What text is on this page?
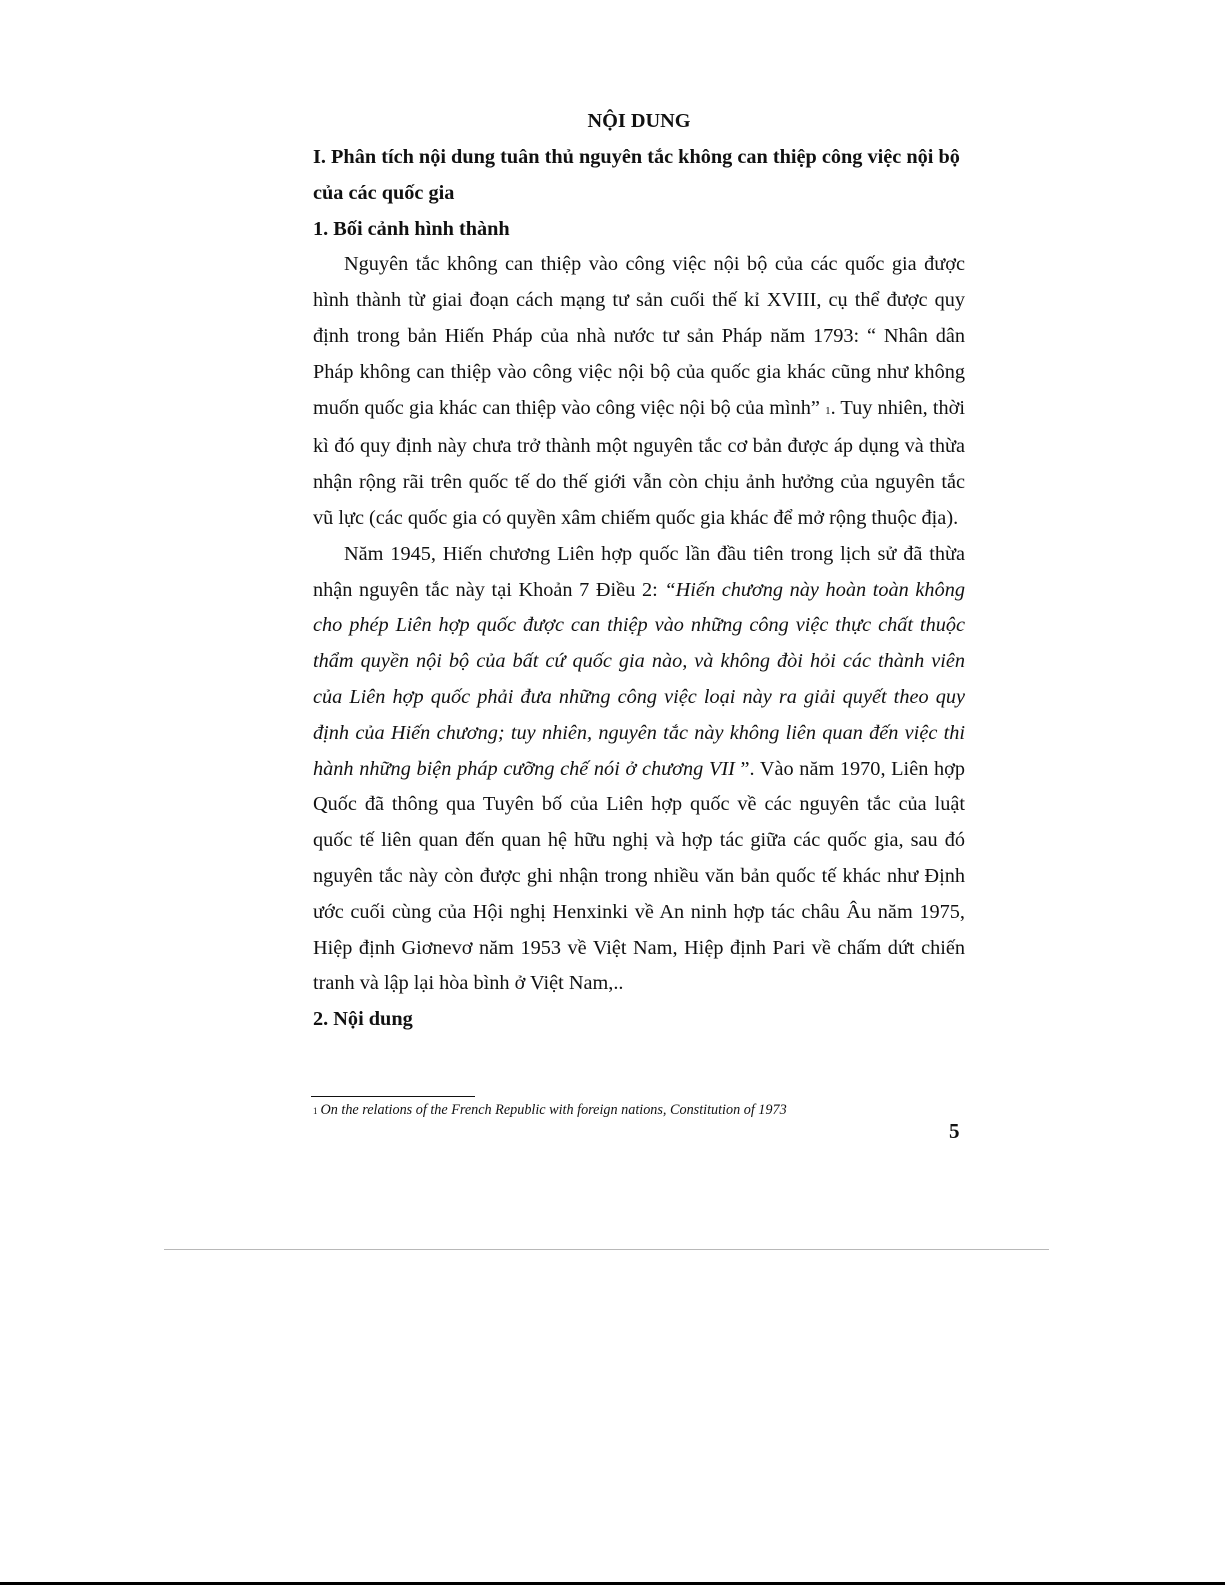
NỘI DUNG

I. Phân tích nội dung tuân thủ nguyên tắc không can thiệp công việc nội bộ của các quốc gia

1. Bối cảnh hình thành

Nguyên tắc không can thiệp vào công việc nội bộ của các quốc gia được hình thành từ giai đoạn cách mạng tư sản cuối thế kỉ XVIII, cụ thể được quy định trong bản Hiến Pháp của nhà nước tư sản Pháp năm 1793: “ Nhân dân Pháp không can thiệp vào công việc nội bộ của quốc gia khác cũng như không muốn quốc gia khác can thiệp vào công việc nội bộ của mình” 1. Tuy nhiên, thời kì đó quy định này chưa trở thành một nguyên tắc cơ bản được áp dụng và thừa nhận rộng rãi trên quốc tế do thế giới vẫn còn chịu ảnh hưởng của nguyên tắc vũ lực (các quốc gia có quyền xâm chiếm quốc gia khác để mở rộng thuộc địa).

Năm 1945, Hiến chương Liên hợp quốc lần đầu tiên trong lịch sử đã thừa nhận nguyên tắc này tại Khoản 7 Điều 2: “Hiến chương này hoàn toàn không cho phép Liên hợp quốc được can thiệp vào những công việc thực chất thuộc thẩm quyền nội bộ của bất cứ quốc gia nào, và không đòi hỏi các thành viên của Liên hợp quốc phải đưa những công việc loại này ra giải quyết theo quy định của Hiến chương; tuy nhiên, nguyên tắc này không liên quan đến việc thi hành những biện pháp cưỡng chế nói ở chương VII ”. Vào năm 1970, Liên hợp Quốc đã thông qua Tuyên bố của Liên hợp quốc về các nguyên tắc của luật quốc tế liên quan đến quan hệ hữu nghị và hợp tác giữa các quốc gia, sau đó nguyên tắc này còn được ghi nhận trong nhiều văn bản quốc tế khác như Định ước cuối cùng của Hội nghị Henxinki về An ninh hợp tác châu Âu năm 1975, Hiệp định Giơnevơ năm 1953 về Việt Nam, Hiệp định Pari về chấm dứt chiến tranh và lập lại hòa bình ở Việt Nam,..

2. Nội dung

1 On the relations of the French Republic with foreign nations, Constitution of 1973
5
